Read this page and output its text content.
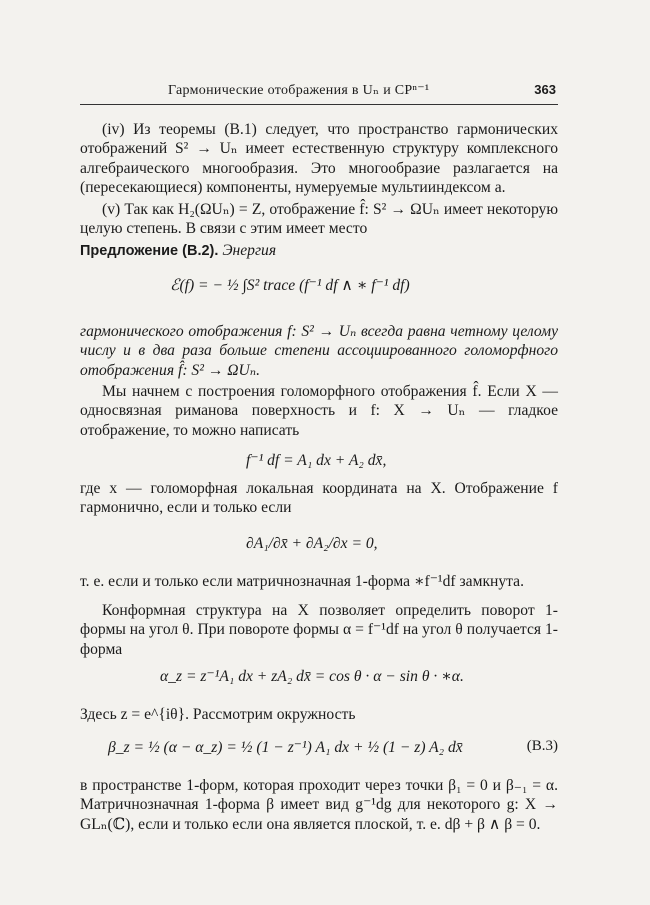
Гармонические отображения в Uₙ и CPⁿ⁻¹	363

(iv) Из теоремы (B.1) следует, что пространство гармонических отображений S² → Uₙ имеет естественную структуру комплексного алгебраического многообразия. Это многообразие разлагается на (пересекающиеся) компоненты, нумеруемые мультииндексом a.

(v) Так как H₂(ΩUₙ) = Z, отображение f̂: S² → ΩUₙ имеет некоторую целую степень. В связи с этим имеет место

Предложение (B.2). Энергия

ℰ(f) = − ½ ∫S² trace (f⁻¹ df ∧ ∗ f⁻¹ df)

гармонического отображения f: S² → Uₙ всегда равна четному целому числу и в два раза больше степени ассоциированного голоморфного отображения f̂: S² → ΩUₙ.

Мы начнем с построения голоморфного отображения f̂. Если X — односвязная риманова поверхность и f: X → Uₙ — гладкое отображение, то можно написать

f⁻¹ df = A₁ dx + A₂ dx̄,

где x — голоморфная локальная координата на X. Отображение f гармонично, если и только если

∂A₁/∂x̄ + ∂A₂/∂x = 0,

т. е. если и только если матричнозначная 1-форма ∗f⁻¹df замкнута.

Конформная структура на X позволяет определить поворот 1-формы на угол θ. При повороте формы α = f⁻¹df на угол θ получается 1-форма

α_z = z⁻¹A₁ dx + zA₂ dx̄ = cos θ · α − sin θ · ∗α.

Здесь z = e^{iθ}. Рассмотрим окружность

β_z = ½ (α − α_z) = ½ (1 − z⁻¹) A₁ dx + ½ (1 − z) A₂ dx̄	(B.3)

в пространстве 1-форм, которая проходит через точки β₁ = 0 и β₋₁ = α. Матричнозначная 1-форма β имеет вид g⁻¹dg для некоторого g: X → GLₙ(ℂ), если и только если она является плоской, т. е. dβ + β ∧ β = 0.
